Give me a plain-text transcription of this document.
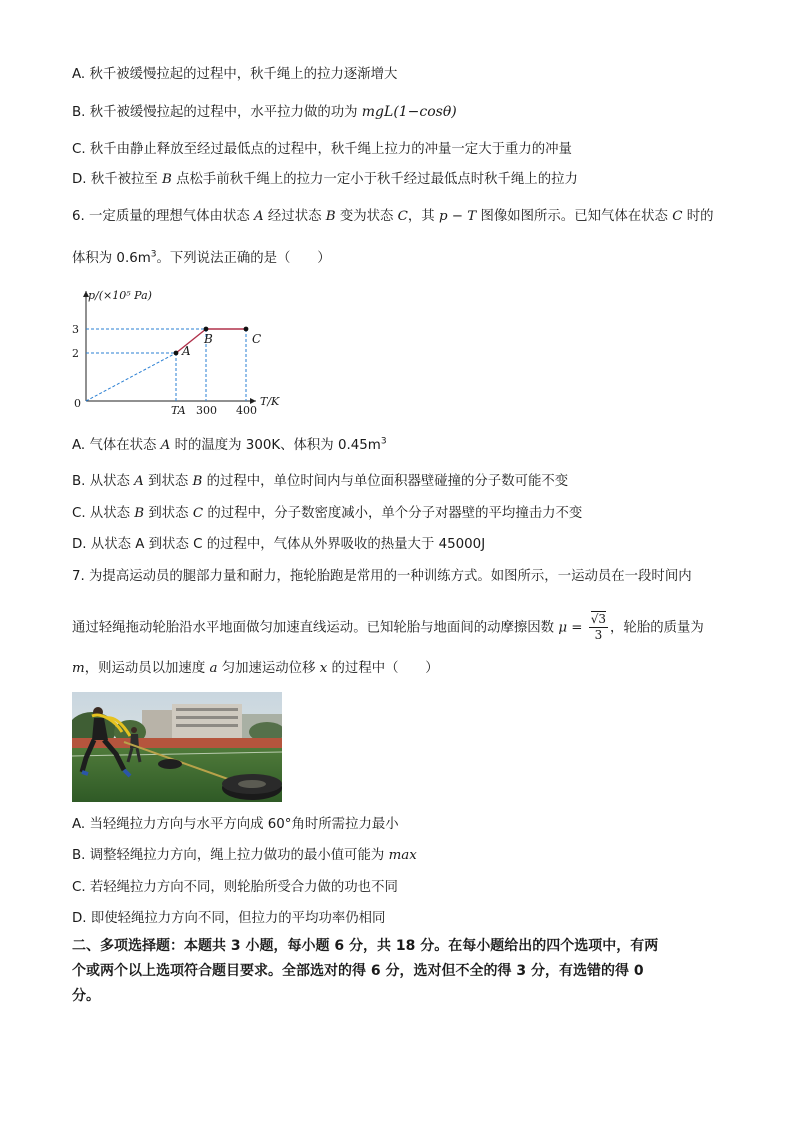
A. 秋千被缓慢拉起的过程中，秋千绳上的拉力逐渐增大
B. 秋千被缓慢拉起的过程中，水平拉力做的功为 mgL(1−cosθ)
C. 秋千由静止释放至经过最低点的过程中，秋千绳上拉力的冲量一定大于重力的冲量
D. 秋千被拉至 B 点松手前秋千绳上的拉力一定小于秋千经过最低点时秋千绳上的拉力
6. 一定质量的理想气体由状态 A 经过状态 B 变为状态 C，其 p − T 图像如图所示。已知气体在状态 C 时的
体积为 $0.6m^3$。下列说法正确的是（　　）
p/(×10⁵ Pa)
T/K
0
A
B	C
2
3
TA 300 400
A. 气体在状态 A 时的温度为 300K、体积为 $0.45m^3$
B. 从状态 A 到状态 B 的过程中，单位时间内与单位面积器壁碰撞的分子数可能不变
C. 从状态 B 到状态 C 的过程中，分子数密度减小，单个分子对器壁的平均撞击力不变
D. 从状态 A 到状态 C 的过程中，气体从外界吸收的热量大于 45000J
7. 为提高运动员的腿部力量和耐力，拖轮胎跑是常用的一种训练方式。如图所示，一运动员在一段时间内
通过轻绳拖动轮胎沿水平地面做匀加速直线运动。已知轮胎与地面间的动摩擦因数 $\mu = \frac{√3}{3}$ ，轮胎的质量为
m，则运动员以加速度 a 匀加速运动位移 x 的过程中（　　）
A. 当轻绳拉力方向与水平方向成 60°角时所需拉力最小
B. 调整轻绳拉力方向，绳上拉力做功的最小值可能为 max
C. 若轻绳拉力方向不同，则轮胎所受合力做的功也不同
D. 即使轻绳拉力方向不同，但拉力的平均功率仍相同
二、多项选择题：本题共 3 小题，每小题 6 分，共 18 分。在每小题给出的四个选项中，有两
个或两个以上选项符合题目要求。全部选对的得 6 分，选对但不全的得 3 分，有选错的得 0
分。
